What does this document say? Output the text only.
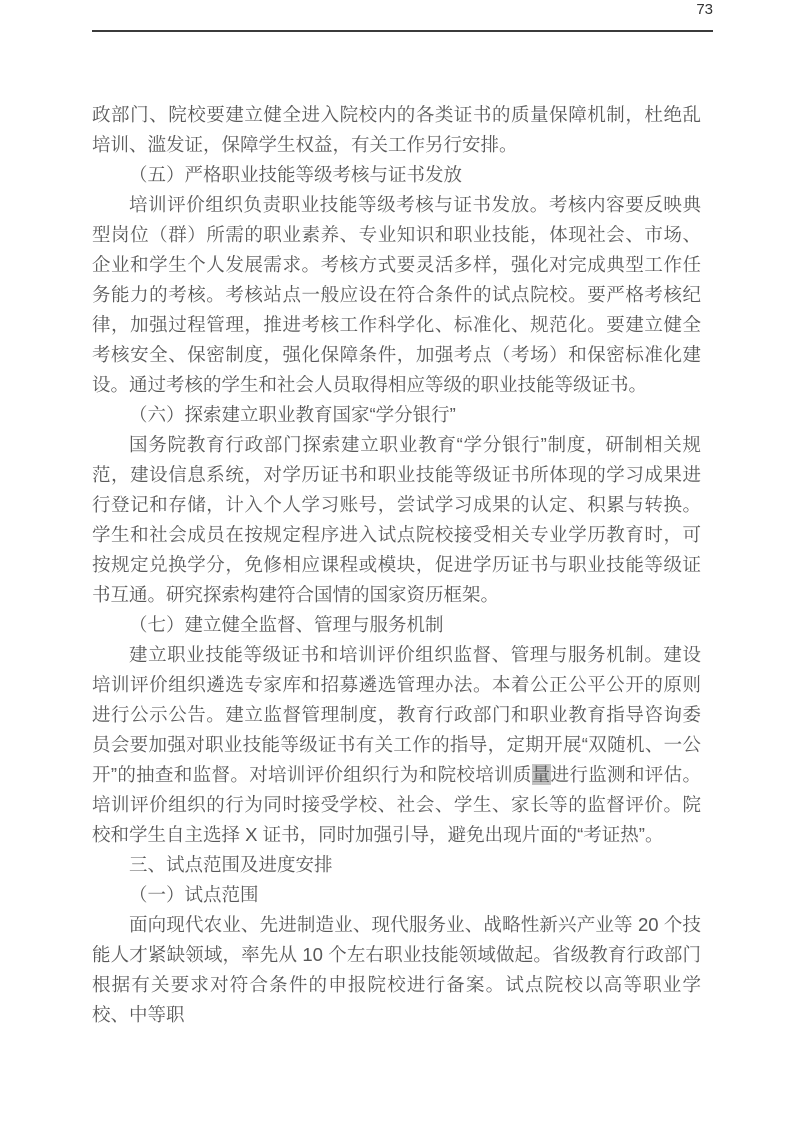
73

政部门、院校要建立健全进入院校内的各类证书的质量保障机制，杜绝乱培训、滥发证，保障学生权益，有关工作另行安排。

（五）严格职业技能等级考核与证书发放

培训评价组织负责职业技能等级考核与证书发放。考核内容要反映典型岗位（群）所需的职业素养、专业知识和职业技能，体现社会、市场、企业和学生个人发展需求。考核方式要灵活多样，强化对完成典型工作任务能力的考核。考核站点一般应设在符合条件的试点院校。要严格考核纪律，加强过程管理，推进考核工作科学化、标准化、规范化。要建立健全考核安全、保密制度，强化保障条件，加强考点（考场）和保密标准化建设。通过考核的学生和社会人员取得相应等级的职业技能等级证书。

（六）探索建立职业教育国家“学分银行”

国务院教育行政部门探索建立职业教育“学分银行”制度，研制相关规范，建设信息系统，对学历证书和职业技能等级证书所体现的学习成果进行登记和存储，计入个人学习账号，尝试学习成果的认定、积累与转换。学生和社会成员在按规定程序进入试点院校接受相关专业学历教育时，可按规定兑换学分，免修相应课程或模块，促进学历证书与职业技能等级证书互通。研究探索构建符合国情的国家资历框架。

（七）建立健全监督、管理与服务机制

建立职业技能等级证书和培训评价组织监督、管理与服务机制。建设培训评价组织遴选专家库和招募遴选管理办法。本着公正公平公开的原则进行公示公告。建立监督管理制度，教育行政部门和职业教育指导咨询委员会要加强对职业技能等级证书有关工作的指导，定期开展“双随机、一公开”的抽查和监督。对培训评价组织行为和院校培训质量进行监测和评估。培训评价组织的行为同时接受学校、社会、学生、家长等的监督评价。院校和学生自主选择 X 证书，同时加强引导，避免出现片面的“考证热”。

三、试点范围及进度安排
（一）试点范围

面向现代农业、先进制造业、现代服务业、战略性新兴产业等 20 个技能人才紧缺领域，率先从 10 个左右职业技能领域做起。省级教育行政部门根据有关要求对符合条件的申报院校进行备案。试点院校以高等职业学校、中等职
